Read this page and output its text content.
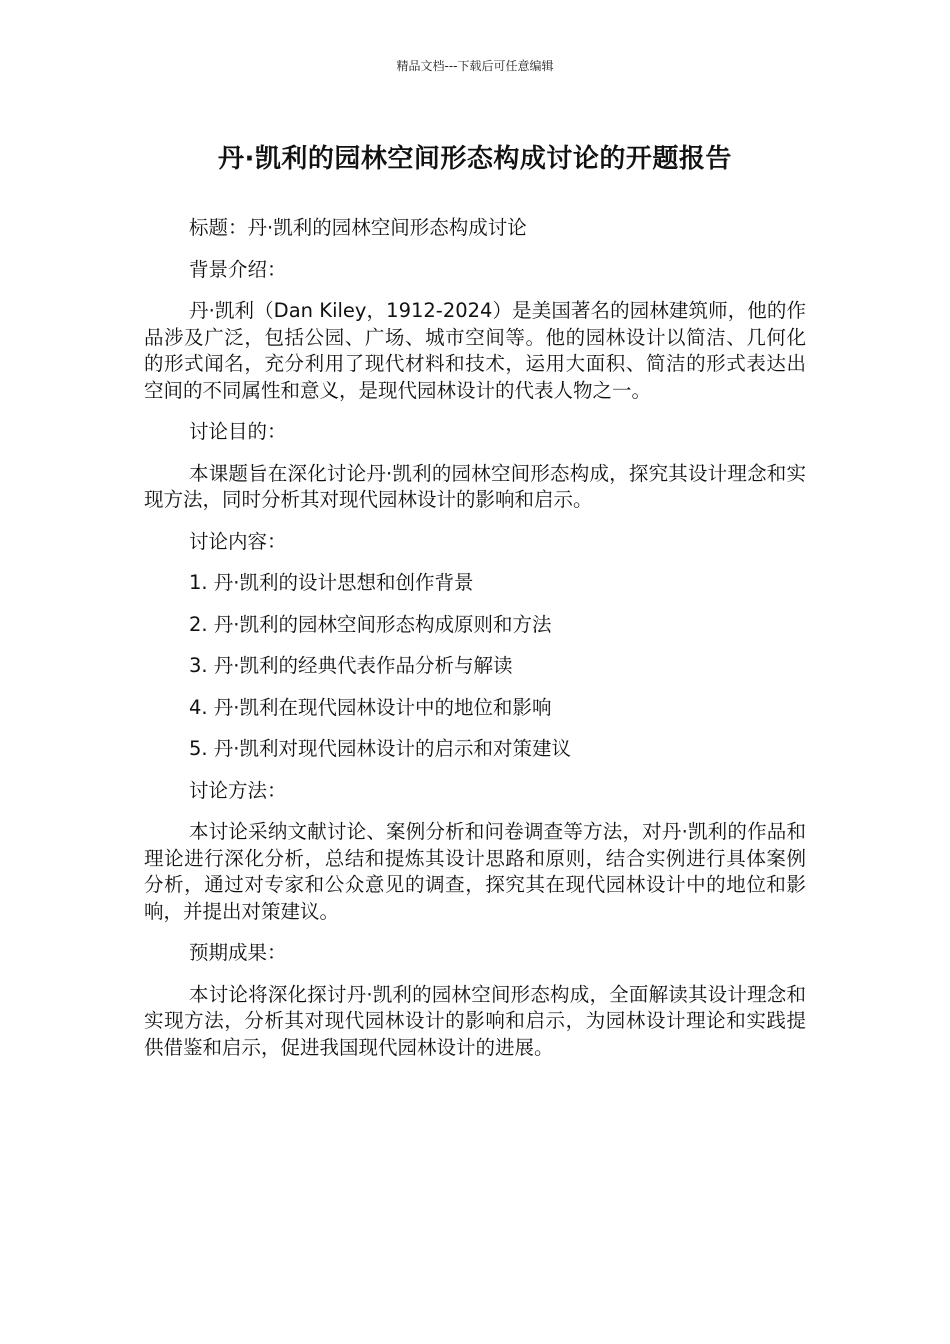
精品文档---下载后可任意编辑
丹·凯利的园林空间形态构成讨论的开题报告

标题：丹·凯利的园林空间形态构成讨论

背景介绍：

丹·凯利（Dan Kiley，1912-2024）是美国著名的园林建筑师，他的作品涉及广泛，包括公园、广场、城市空间等。他的园林设计以简洁、几何化的形式闻名，充分利用了现代材料和技术，运用大面积、简洁的形式表达出空间的不同属性和意义，是现代园林设计的代表人物之一。

讨论目的：

本课题旨在深化讨论丹·凯利的园林空间形态构成，探究其设计理念和实现方法，同时分析其对现代园林设计的影响和启示。

讨论内容：

1. 丹·凯利的设计思想和创作背景

2. 丹·凯利的园林空间形态构成原则和方法

3. 丹·凯利的经典代表作品分析与解读

4. 丹·凯利在现代园林设计中的地位和影响

5. 丹·凯利对现代园林设计的启示和对策建议

讨论方法：

本讨论采纳文献讨论、案例分析和问卷调查等方法，对丹·凯利的作品和理论进行深化分析，总结和提炼其设计思路和原则，结合实例进行具体案例分析，通过对专家和公众意见的调查，探究其在现代园林设计中的地位和影响，并提出对策建议。

预期成果：

本讨论将深化探讨丹·凯利的园林空间形态构成，全面解读其设计理念和实现方法，分析其对现代园林设计的影响和启示，为园林设计理论和实践提供借鉴和启示，促进我国现代园林设计的进展。
